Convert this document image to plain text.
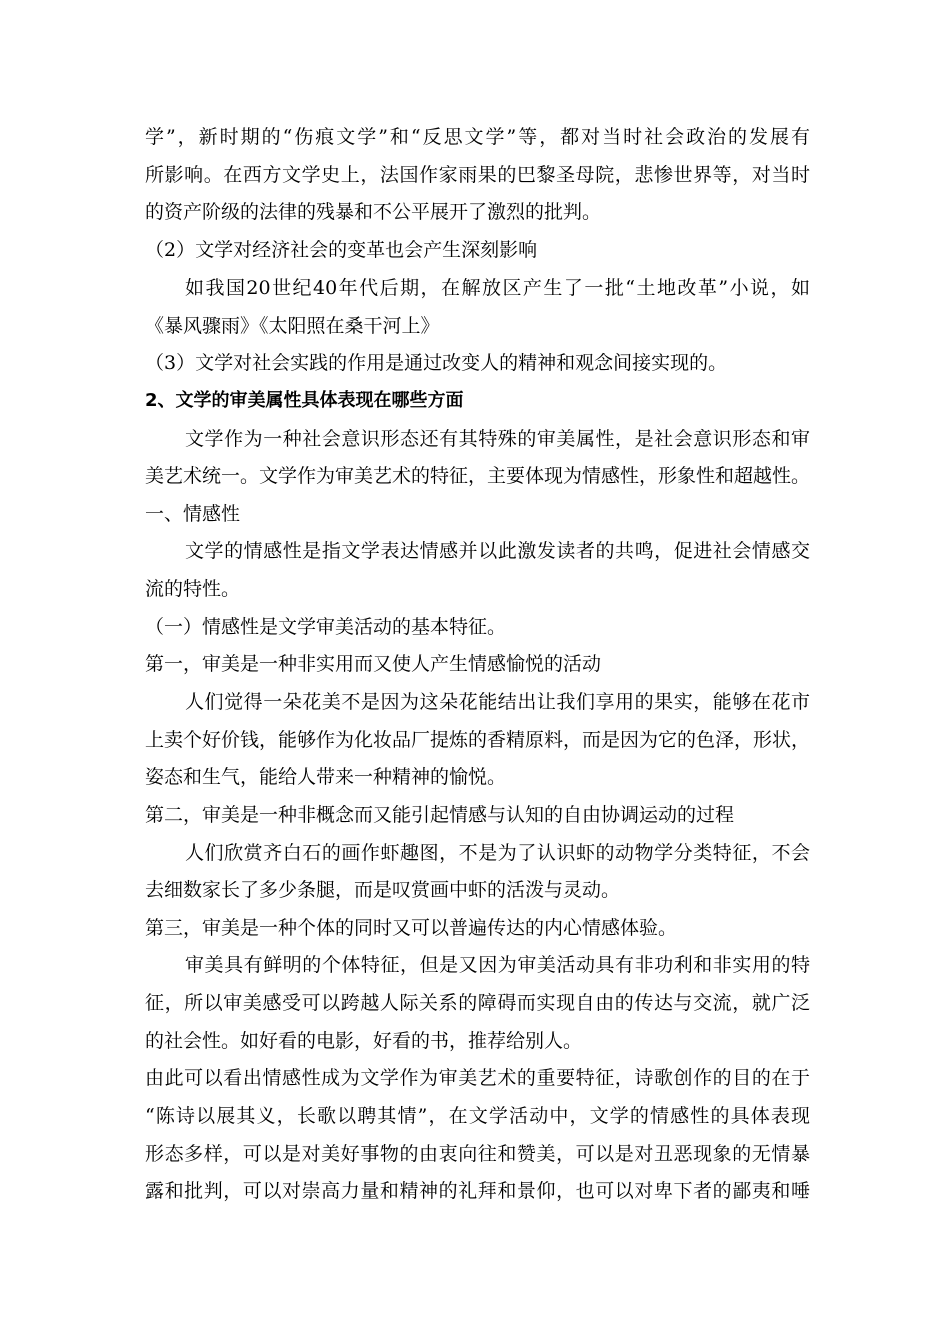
学”，新时期的“伤痕文学”和“反思文学”等，都对当时社会政治的发展有
所影响。在西方文学史上，法国作家雨果的巴黎圣母院，悲惨世界等，对当时
的资产阶级的法律的残暴和不公平展开了激烈的批判。
（2）文学对经济社会的变革也会产生深刻影响
如我国20世纪40年代后期，在解放区产生了一批“土地改革”小说，如
《暴风骤雨》《太阳照在桑干河上》
（3）文学对社会实践的作用是通过改变人的精神和观念间接实现的。
2、文学的审美属性具体表现在哪些方面
文学作为一种社会意识形态还有其特殊的审美属性，是社会意识形态和审
美艺术统一。文学作为审美艺术的特征，主要体现为情感性，形象性和超越性。
一、情感性
文学的情感性是指文学表达情感并以此激发读者的共鸣，促进社会情感交
流的特性。
（一）情感性是文学审美活动的基本特征。
第一，审美是一种非实用而又使人产生情感愉悦的活动
人们觉得一朵花美不是因为这朵花能结出让我们享用的果实，能够在花市
上卖个好价钱，能够作为化妆品厂提炼的香精原料，而是因为它的色泽，形状，
姿态和生气，能给人带来一种精神的愉悦。
第二，审美是一种非概念而又能引起情感与认知的自由协调运动的过程
人们欣赏齐白石的画作虾趣图，不是为了认识虾的动物学分类特征，不会
去细数家长了多少条腿，而是叹赏画中虾的活泼与灵动。
第三，审美是一种个体的同时又可以普遍传达的内心情感体验。
审美具有鲜明的个体特征，但是又因为审美活动具有非功利和非实用的特
征，所以审美感受可以跨越人际关系的障碍而实现自由的传达与交流，就广泛
的社会性。如好看的电影，好看的书，推荐给别人。
由此可以看出情感性成为文学作为审美艺术的重要特征，诗歌创作的目的在于
“陈诗以展其义，长歌以聘其情”，在文学活动中，文学的情感性的具体表现
形态多样，可以是对美好事物的由衷向往和赞美，可以是对丑恶现象的无情暴
露和批判，可以对崇高力量和精神的礼拜和景仰，也可以对卑下者的鄙夷和唾
